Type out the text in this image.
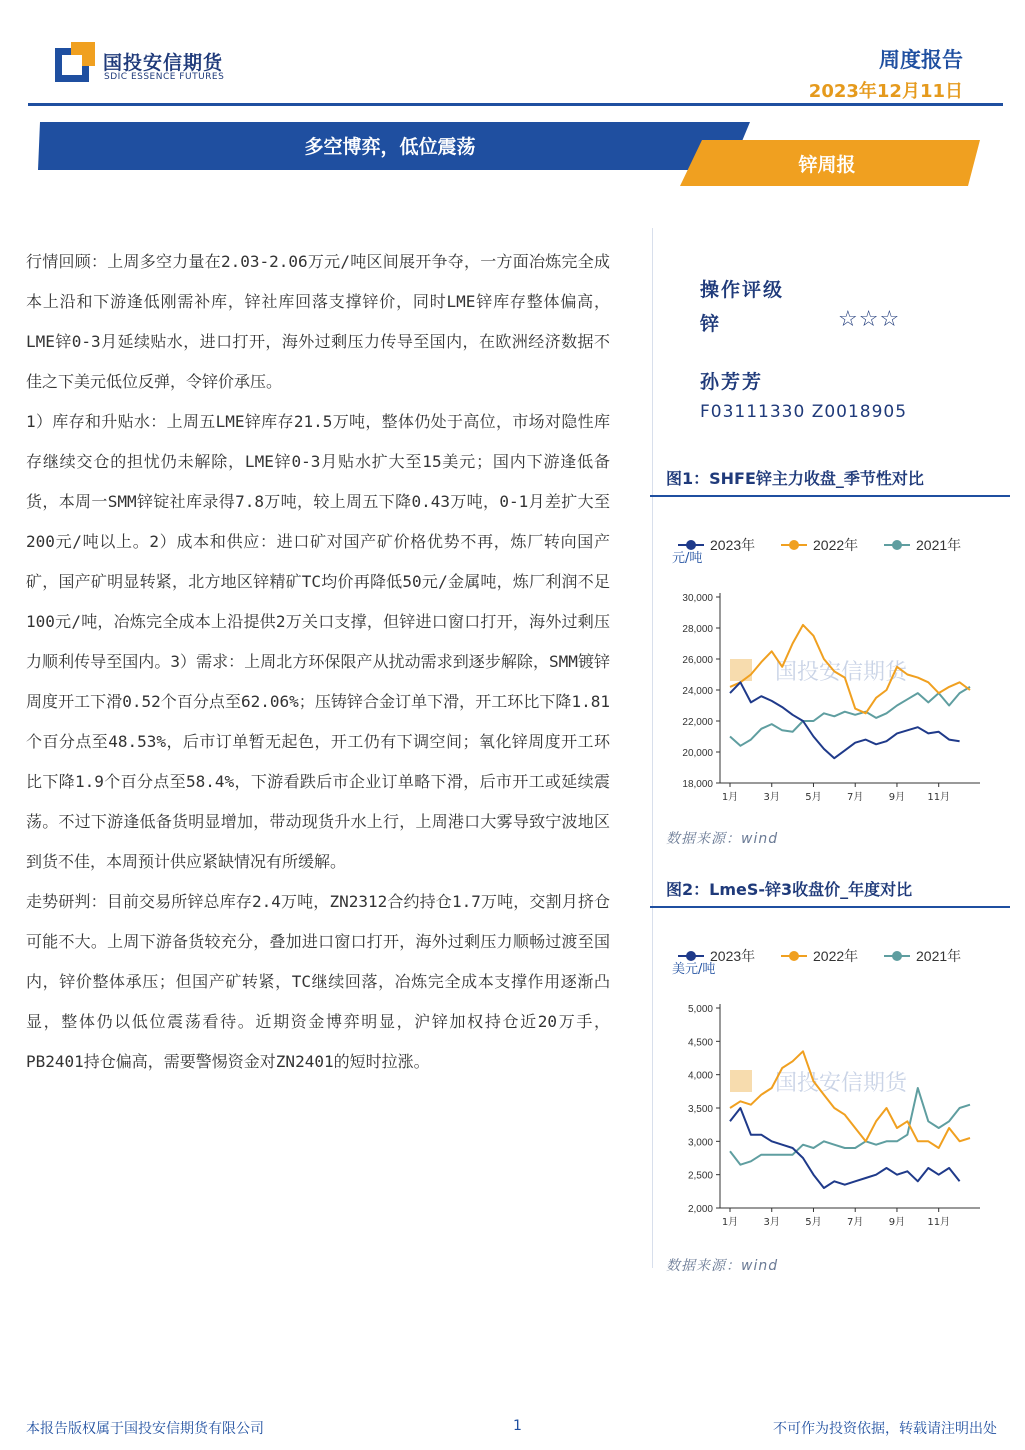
国投安信期货
SDIC ESSENCE FUTURES
周度报告
2023年12月11日
多空博弈，低位震荡
锌周报

行情回顾：上周多空力量在2.03-2.06万元/吨区间展开争夺，一方面冶炼完全成本上沿和下游逢低刚需补库，锌社库回落支撑锌价，同时LME锌库存整体偏高，LME锌0-3月延续贴水，进口打开，海外过剩压力传导至国内，在欧洲经济数据不佳之下美元低位反弹，令锌价承压。

1）库存和升贴水：上周五LME锌库存21.5万吨，整体仍处于高位，市场对隐性库存继续交仓的担忧仍未解除，LME锌0-3月贴水扩大至15美元；国内下游逢低备货，本周一SMM锌锭社库录得7.8万吨，较上周五下降0.43万吨，0-1月差扩大至200元/吨以上。2）成本和供应：进口矿对国产矿价格优势不再，炼厂转向国产矿，国产矿明显转紧，北方地区锌精矿TC均价再降低50元/金属吨，炼厂利润不足100元/吨，冶炼完全成本上沿提供2万关口支撑，但锌进口窗口打开，海外过剩压力顺利传导至国内。3）需求：上周北方环保限产从扰动需求到逐步解除，SMM镀锌周度开工下滑0.52个百分点至62.06%；压铸锌合金订单下滑，开工环比下降1.81个百分点至48.53%，后市订单暂无起色，开工仍有下调空间；氧化锌周度开工环比下降1.9个百分点至58.4%，下游看跌后市企业订单略下滑，后市开工或延续震荡。不过下游逢低备货明显增加，带动现货升水上行，上周港口大雾导致宁波地区到货不佳，本周预计供应紧缺情况有所缓解。

走势研判：目前交易所锌总库存2.4万吨，ZN2312合约持仓1.7万吨，交割月挤仓可能不大。上周下游备货较充分，叠加进口窗口打开，海外过剩压力顺畅过渡至国内，锌价整体承压；但国产矿转紧，TC继续回落，冶炼完全成本支撑作用逐渐凸显，整体仍以低位震荡看待。近期资金博弈明显，沪锌加权持仓近20万手，PB2401持仓偏高，需要警惕资金对ZN2401的短时拉涨。

操作评级
锌	☆☆☆
孙芳芳
F03111330 Z0018905
图1：SHFE锌主力收盘_季节性对比
国投安信期货
2023年	2022年	2021年
元/吨
18,000
20,000
22,000
24,000
26,000
28,000
30,000
1月	3月	5月	7月	9月 11月
数据来源：wind
图2：LmeS-锌3收盘价_年度对比
国投安信期货
2023年	2022年	2021年
美元/吨
2,000
2,500
3,000
3,500
4,000
4,500
5,000
1月	3月	5月	7月	9月 11月
数据来源：wind
本报告版权属于国投安信期货有限公司	1	不可作为投资依据，转载请注明出处
